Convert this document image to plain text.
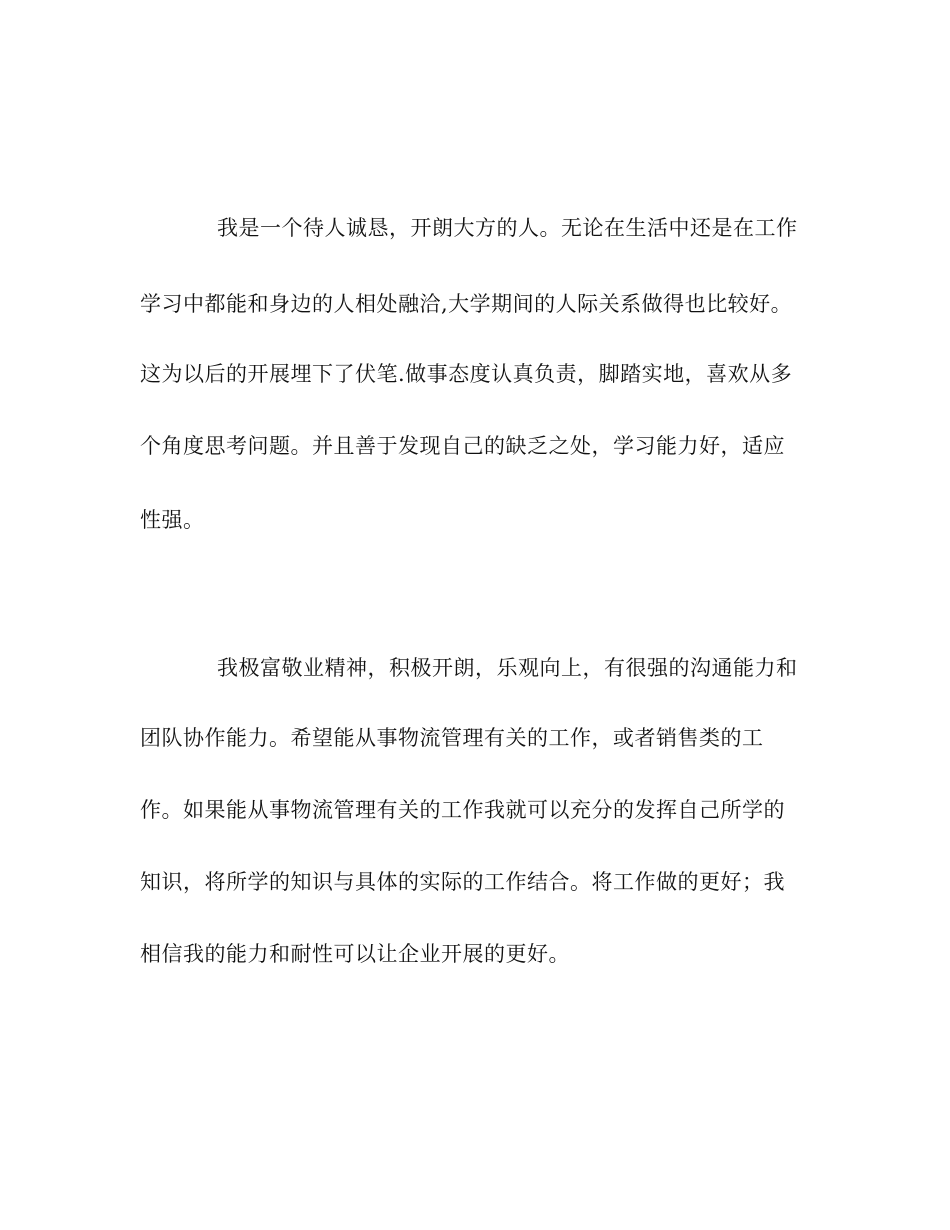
我是一个待人诚恳，开朗大方的人。无论在生活中还是在工作
学习中都能和身边的人相处融洽,大学期间的人际关系做得也比较好。
这为以后的开展埋下了伏笔.做事态度认真负责，脚踏实地，喜欢从多
个角度思考问题。并且善于发现自己的缺乏之处，学习能力好，适应
性强。
我极富敬业精神，积极开朗，乐观向上，有很强的沟通能力和
团队协作能力。希望能从事物流管理有关的工作，或者销售类的工
作。如果能从事物流管理有关的工作我就可以充分的发挥自己所学的
知识，将所学的知识与具体的实际的工作结合。将工作做的更好；我
相信我的能力和耐性可以让企业开展的更好。
